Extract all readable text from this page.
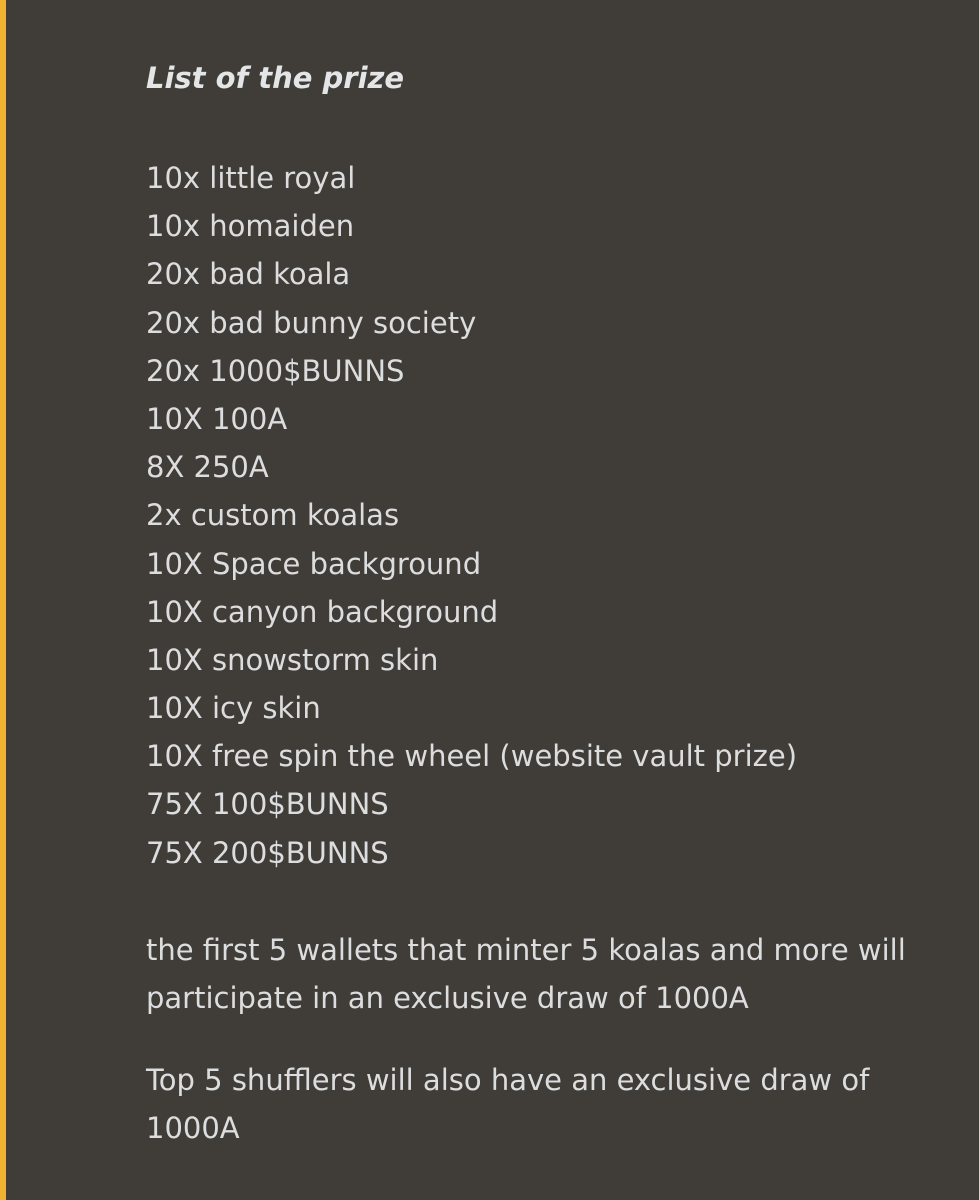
List of the prize
10x little royal
10x homaiden
20x bad koala
20x bad bunny society
20x 1000$BUNNS
10X 100A
8X 250A
2x custom koalas
10X Space background
10X canyon background
10X snowstorm skin
10X icy skin
10X free spin the wheel (website vault prize)
75X 100$BUNNS
75X 200$BUNNS

the first 5 wallets that minter 5 koalas and more will participate in an exclusive draw of 1000A

Top 5 shufflers will also have an exclusive draw of 1000A
